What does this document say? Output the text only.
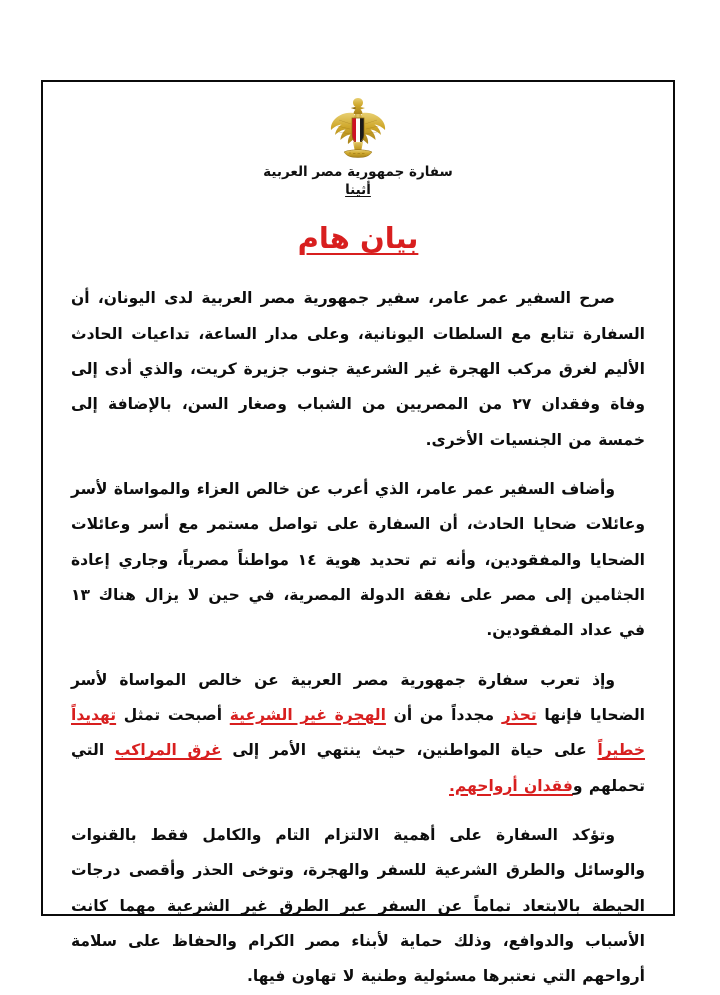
سفارة جمهورية مصر العربية
أثينا
بيان هام

صرح السفير عمر عامر، سفير جمهورية مصر العربية لدى اليونان، أن السفارة تتابع مع السلطات اليونانية، وعلى مدار الساعة، تداعيات الحادث الأليم لغرق مركب الهجرة غير الشرعية جنوب جزيرة كريت، والذي أدى إلى وفاة وفقدان ٢٧ من المصريين من الشباب وصغار السن، بالإضافة إلى خمسة من الجنسيات الأخرى.

وأضاف السفير عمر عامر، الذي أعرب عن خالص العزاء والمواساة لأسر وعائلات ضحايا الحادث، أن السفارة على تواصل مستمر مع أسر وعائلات الضحايا والمفقودين، وأنه تم تحديد هوية ١٤ مواطناً مصرياً، وجاري إعادة الجثامين إلى مصر على نفقة الدولة المصرية، في حين لا يزال هناك ١٣ في عداد المفقودين.

وإذ تعرب سفارة جمهورية مصر العربية عن خالص المواساة لأسر الضحايا فإنها تحذر مجدداً من أن الهجرة غير الشرعية أصبحت تمثل تهديداً خطيراً على حياة المواطنين، حيث ينتهي الأمر إلى غرق المراكب التي تحملهم وفقدان أرواحهم.

وتؤكد السفارة على أهمية الالتزام التام والكامل فقط بالقنوات والوسائل والطرق الشرعية للسفر والهجرة، وتوخى الحذر وأقصى درجات الحيطة بالابتعاد تماماً عن السفر عبر الطرق غير الشرعية مهما كانت الأسباب والدوافع، وذلك حماية لأبناء مصر الكرام والحفاظ على سلامة أرواحهم التي نعتبرها مسئولية وطنية لا تهاون فيها.
